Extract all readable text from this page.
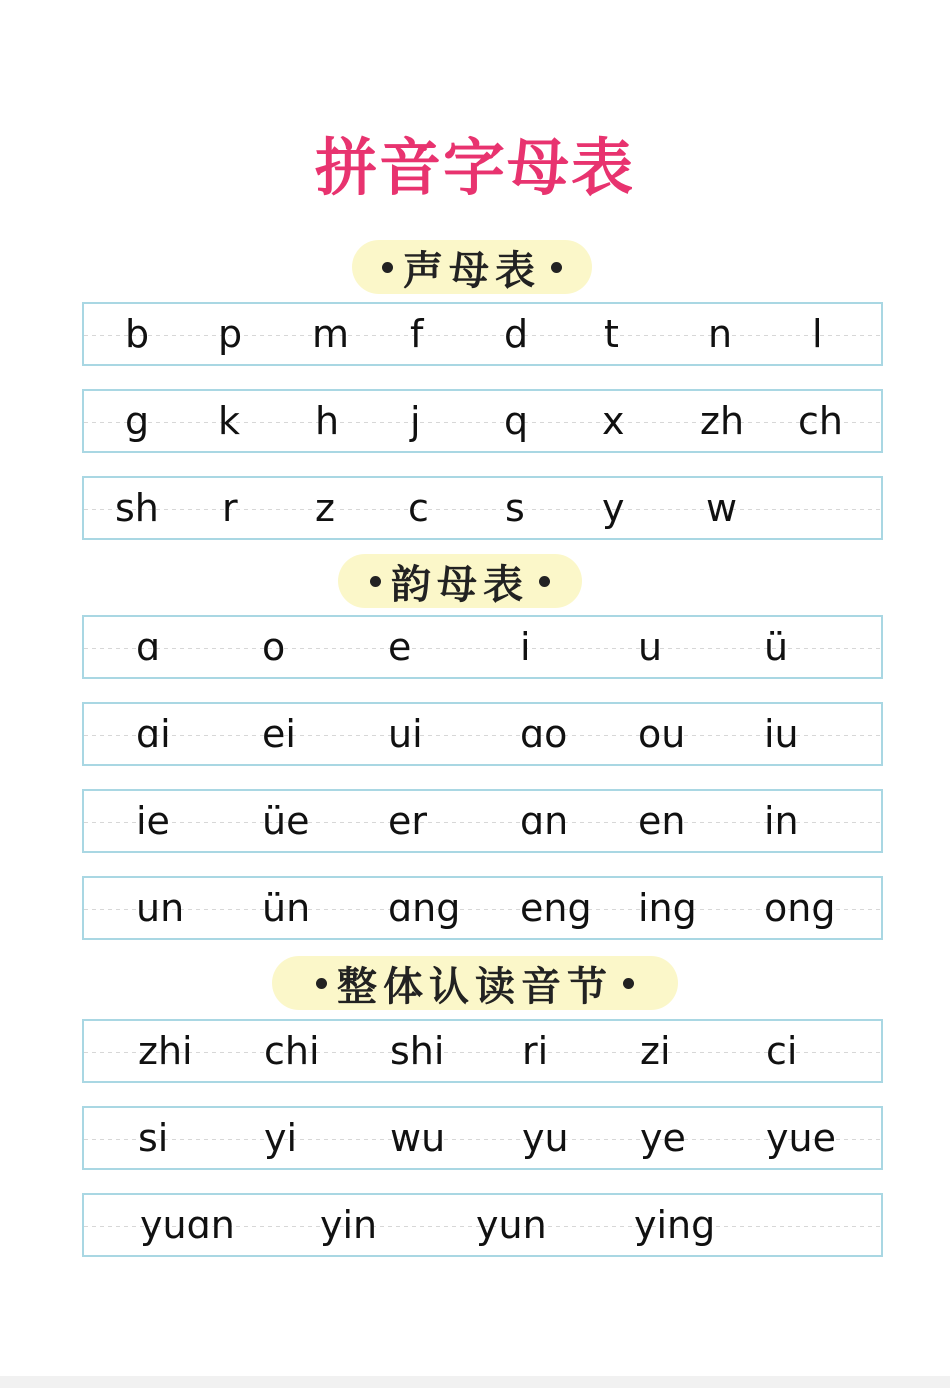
拼音字母表
声母表
b p m f d t n l
g k h j q x zh ch
sh r z c s y w
韵母表
ɑ	o	e	i	u	ü
ɑi ei ui	ɑo ou iu
ie üe er ɑn en in
un ün ɑng eng ing ong
整体认读音节
zhi chi shi ri zi	ci
si	yi wu yu ye yue
yuɑn yin	yun ying
